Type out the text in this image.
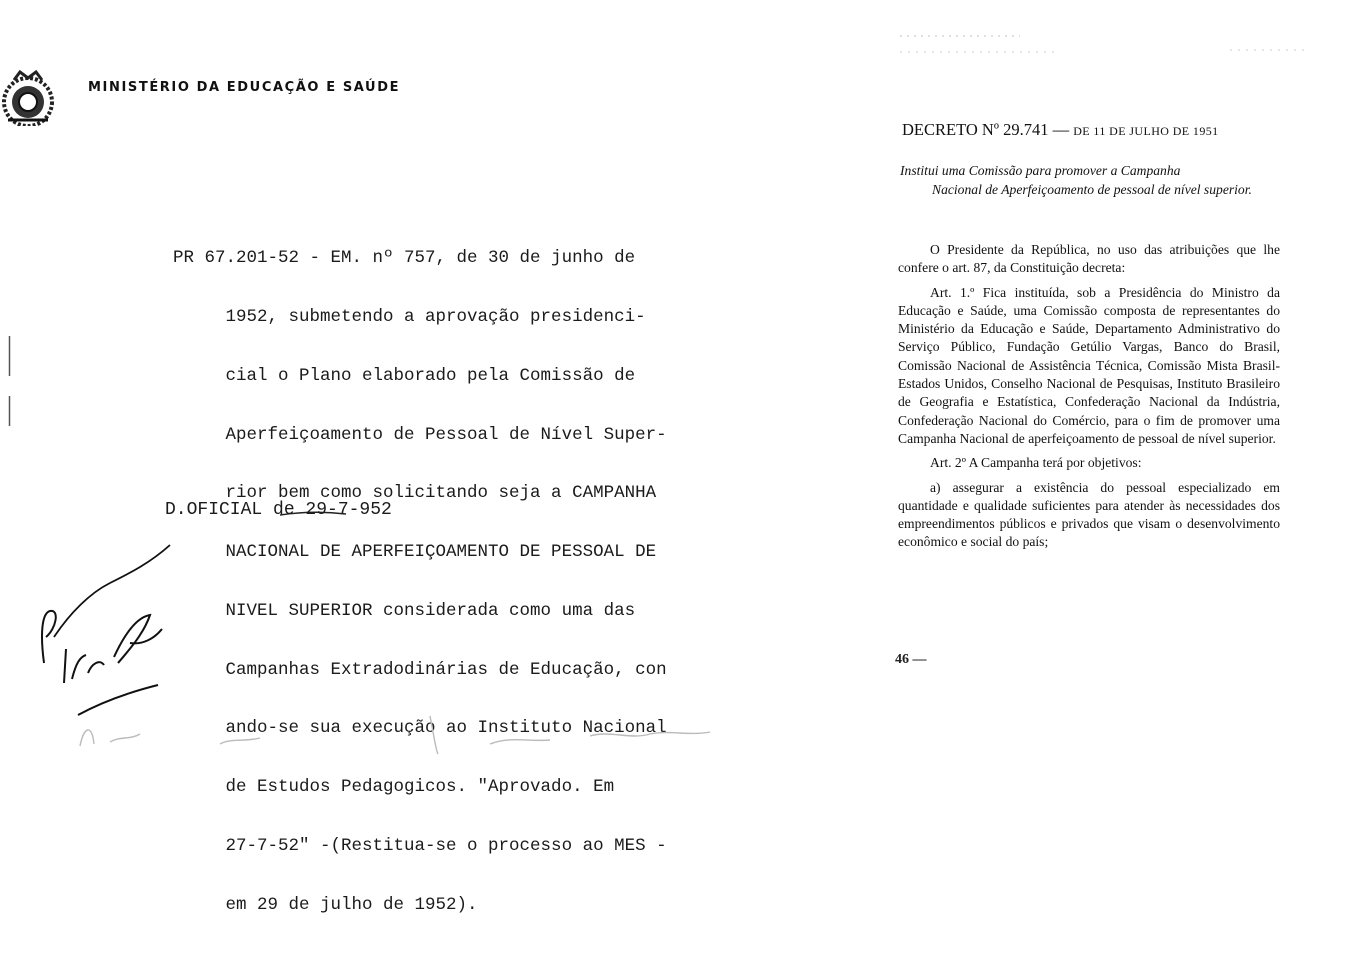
MINISTÉRIO DA EDUCAÇÃO E SAÚDE

PR 67.201-52 - EM. nº 757, de 30 de junho de

1952, submetendo a aprovação presidenci-

cial o Plano elaborado pela Comissão de

Aperfeiçoamento de Pessoal de Nível Super-

rior bem como solicitando seja a CAMPANHA

NACIONAL DE APERFEIÇOAMENTO DE PESSOAL DE

NIVEL SUPERIOR considerada como uma das

Campanhas Extradodinárias de Educação, con

ando-se sua execução ao Instituto Nacional

de Estudos Pedagogicos. "Aprovado. Em

27-7-52" -(Restitua-se o processo ao MES -

em 29 de julho de 1952).

D.OFICIAL de 29-7-952
DECRETO Nº 29.741 — DE 11 DE JULHO DE 1951
Institui uma Comissão para promover a Campanha
Nacional de Aperfeiçoamento de pessoal de nível superior.

O Presidente da República, no uso das atribuições que lhe confere o art. 87, da Constituição decreta:

Art. 1.º Fica instituída, sob a Presidência do Ministro da Educação e Saúde, uma Comissão composta de representantes do Ministério da Educação e Saúde, Departamento Administrativo do Serviço Público, Fundação Getúlio Vargas, Banco do Brasil, Comissão Nacional de Assistência Técnica, Comissão Mista Brasil-Estados Unidos, Conselho Nacional de Pesquisas, Instituto Brasileiro de Geografia e Estatística, Confederação Nacional da Indústria, Confederação Nacional do Comércio, para o fim de promover uma Campanha Nacional de aperfeiçoamento de pessoal de nível superior.

Art. 2º A Campanha terá por objetivos:

a) assegurar a existência do pessoal especializado em quantidade e qualidade suficientes para atender às necessidades dos empreendimentos públicos e privados que visam o desenvolvimento econômico e social do país;

46 —
